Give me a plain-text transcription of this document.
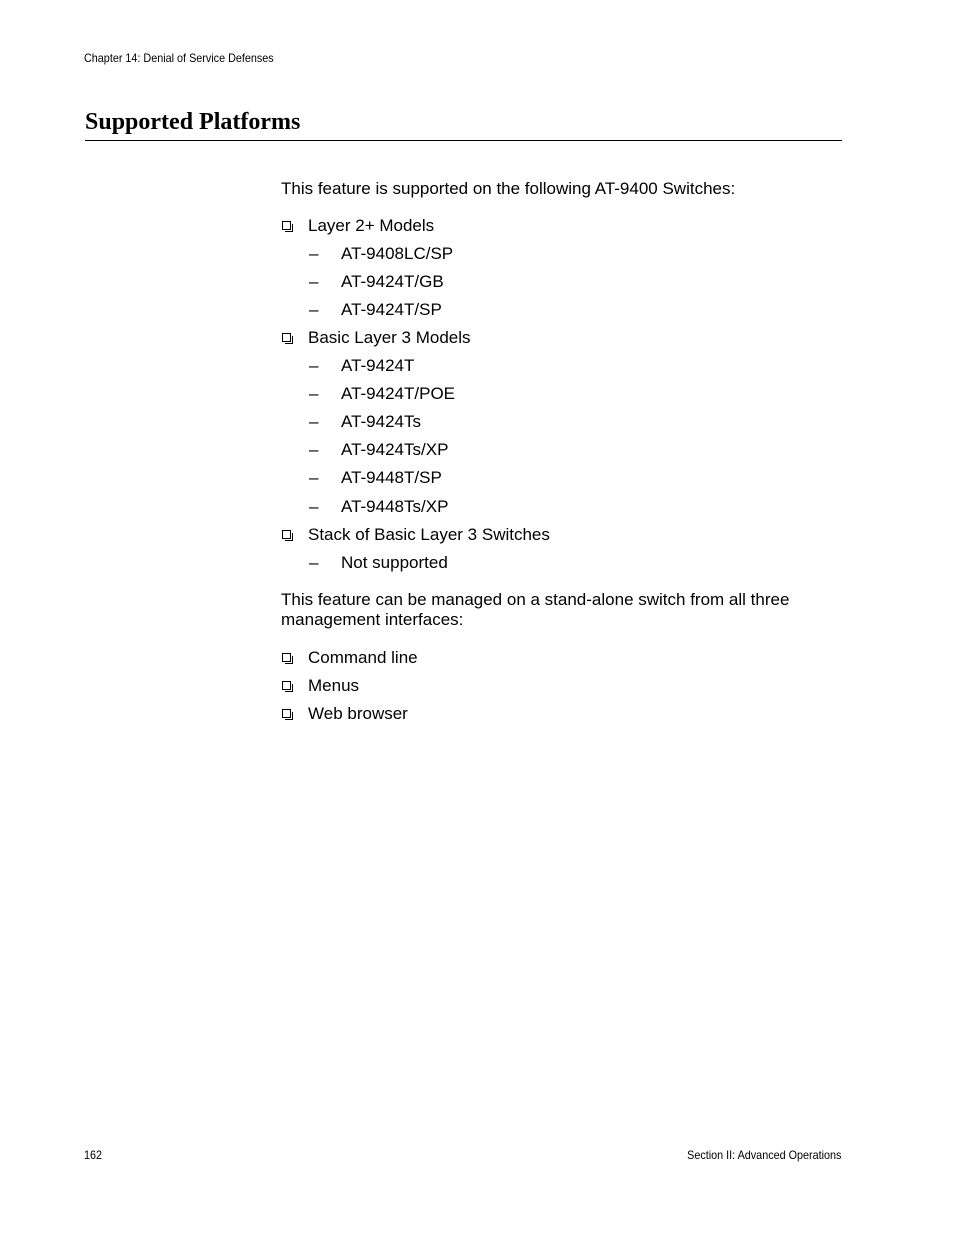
Chapter 14: Denial of Service Defenses
Supported Platforms

This feature is supported on the following AT-9400 Switches:

Layer 2+ Models
– AT-9408LC/SP
– AT-9424T/GB
– AT-9424T/SP
Basic Layer 3 Models
– AT-9424T
– AT-9424T/POE
– AT-9424Ts
– AT-9424Ts/XP
– AT-9448T/SP
– AT-9448Ts/XP
Stack of Basic Layer 3 Switches
– Not supported

This feature can be managed on a stand-alone switch from all three management interfaces:

Command line
Menus
Web browser
162	Section II: Advanced Operations
